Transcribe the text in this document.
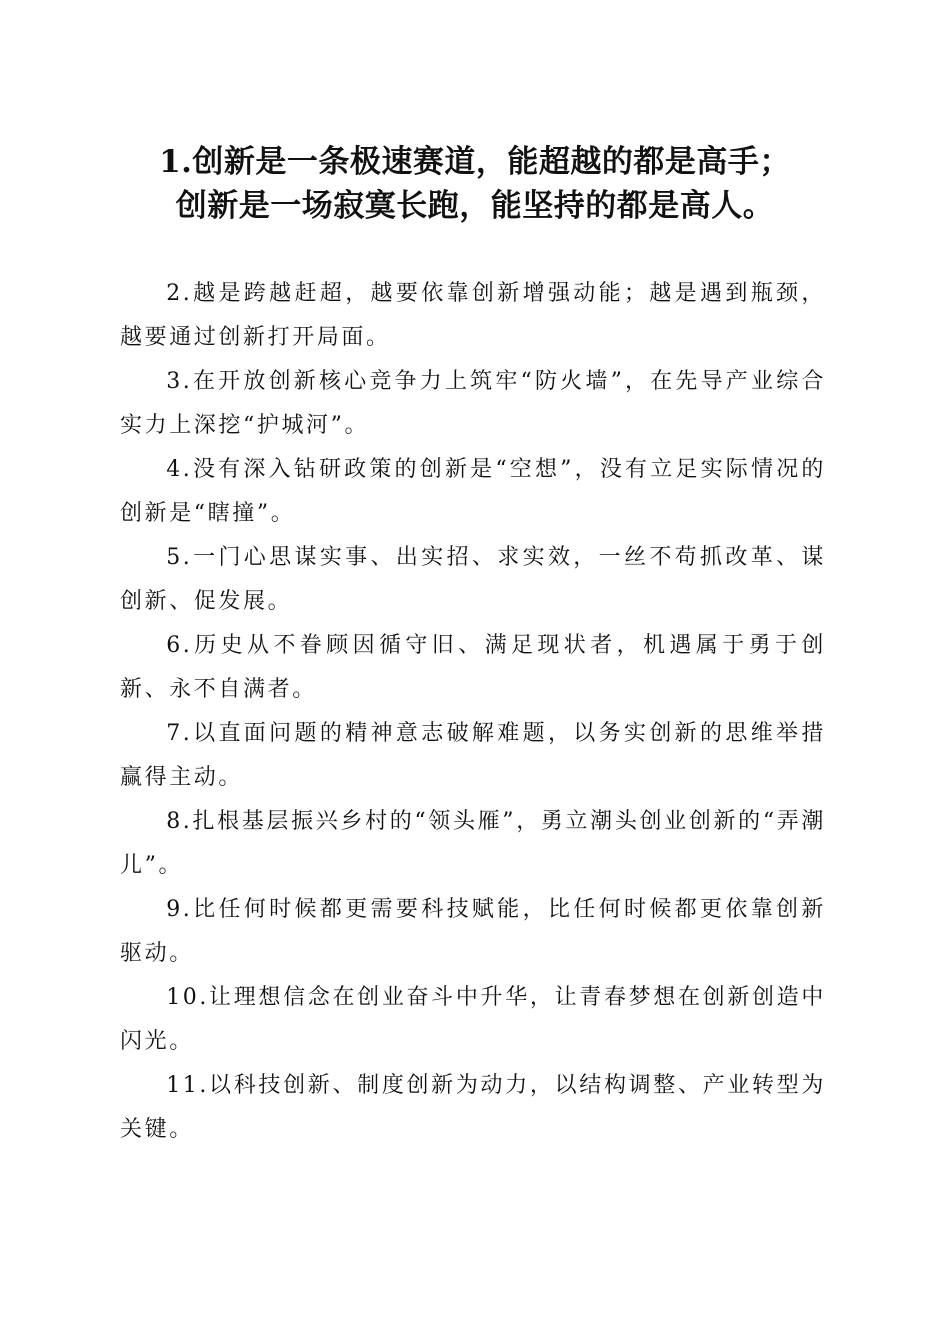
1.创新是一条极速赛道，能超越的都是高手；
创新是一场寂寞长跑，能坚持的都是高人。

2.越是跨越赶超，越要依靠创新增强动能；越是遇到瓶颈，越要通过创新打开局面。

3.在开放创新核心竞争力上筑牢“防火墙”，在先导产业综合实力上深挖“护城河”。

4.没有深入钻研政策的创新是“空想”，没有立足实际情况的创新是“瞎撞”。

5.一门心思谋实事、出实招、求实效，一丝不苟抓改革、谋创新、促发展。

6.历史从不眷顾因循守旧、满足现状者，机遇属于勇于创新、永不自满者。

7.以直面问题的精神意志破解难题，以务实创新的思维举措赢得主动。

8.扎根基层振兴乡村的“领头雁”，勇立潮头创业创新的“弄潮儿”。

9.比任何时候都更需要科技赋能，比任何时候都更依靠创新驱动。

10.让理想信念在创业奋斗中升华，让青春梦想在创新创造中闪光。

11.以科技创新、制度创新为动力，以结构调整、产业转型为关键。
